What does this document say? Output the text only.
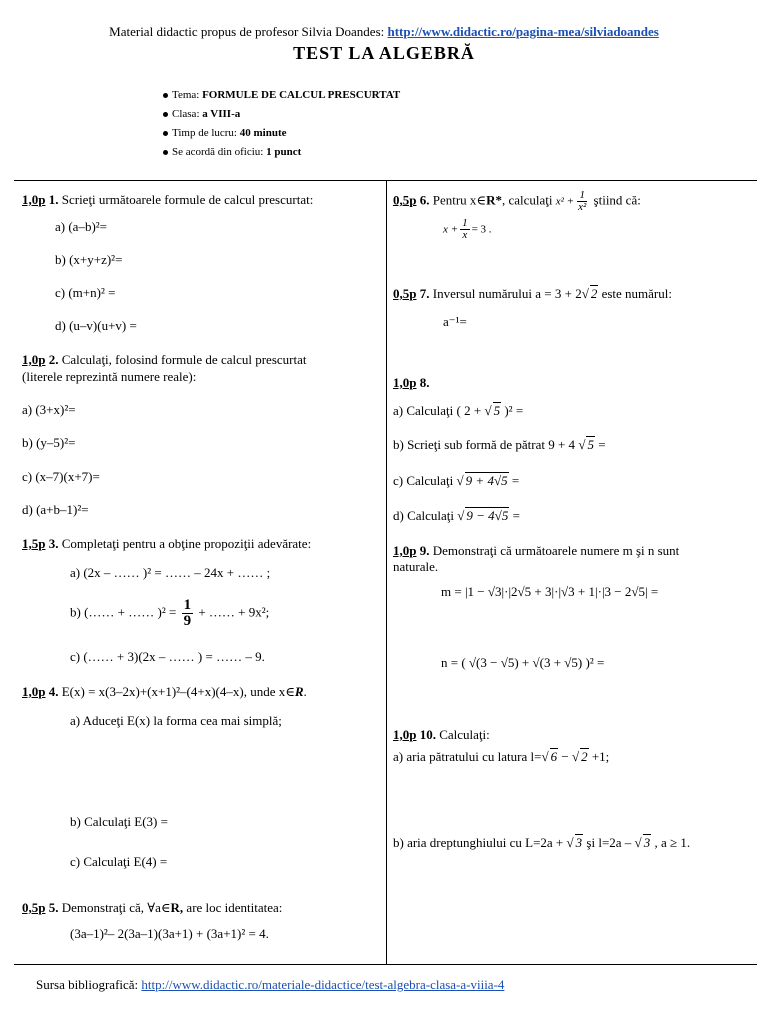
Material didactic propus de profesor Silvia Doandes: http://www.didactic.ro/pagina-mea/silviadoandes
TEST LA ALGEBRĂ
Tema: FORMULE DE CALCUL PRESCURTAT
Clasa: a VIII-a
Timp de lucru: 40 minute
Se acordă din oficiu: 1 punct
1,0p 1. Scrieţi următoarele formule de calcul prescurtat:
a) (a–b)²=
b) (x+y+z)²=
c) (m+n)² =
d) (u–v)(u+v) =
1,0p 2. Calculaţi, folosind formule de calcul prescurtat
(literele reprezintă numere reale):
a) (3+x)²=
b) (y–5)²=
c) (x–7)(x+7)=
d) (a+b–1)²=
1,5p 3. Completaţi pentru a obţine propoziţii adevărate:
a) (2x – …… )² = …… – 24x + …… ;
b) (…… + …… )$^2 = \frac{1}{9}$ + …… + 9x²;
c) (…… + 3)(2x – …… ) = …… – 9.
1,0p 4. E(x) = x(3–2x)+(x+1)²–(4+x)(4–x), unde x∈R.
a) Aduceţi E(x) la forma cea mai simplă;
b) Calculaţi E(3) =
c) Calculaţi E(4) =
0,5p 5. Demonstraţi că, ∀a∈R, are loc identitatea:
(3a–1)²– 2(3a–1)(3a+1) + (3a+1)² = 4.
0,5p 6. Pentru x∈R*, calculaţi $x^2 + \frac{1}{\text{x²}}$ ştiind că:
$x + \frac{1}{x} = 3$ .
0,5p 7. Inversul numărului a = 3 + 2√ 2 este numărul:
a⁻¹=
1,0p 8.
a) Calculaţi ( 2 + √ 5 )² =
b) Scrieţi sub formă de pătrat 9 + 4 √ 5 =
c) Calculaţi √ 9 + 4√5 =
d) Calculaţi √ 9 − 4√5 =
1,0p 9. Demonstraţi că următoarele numere m şi n sunt
naturale.
m = |1 − √3|·|2√5 + 3|·|√3 + 1|·|3 − 2√5| =
n = ( √(3 − √5) + √(3 + √5) )² =
1,0p 10. Calculaţi:
a) aria pătratului cu latura l=√ 6 − √ 2 +1;
b) aria dreptunghiului cu L=2a + √ 3 şi l=2a – √ 3 , a ≥ 1.
Sursa bibliografică: http://www.didactic.ro/materiale-didactice/test-algebra-clasa-a-viiia-4
